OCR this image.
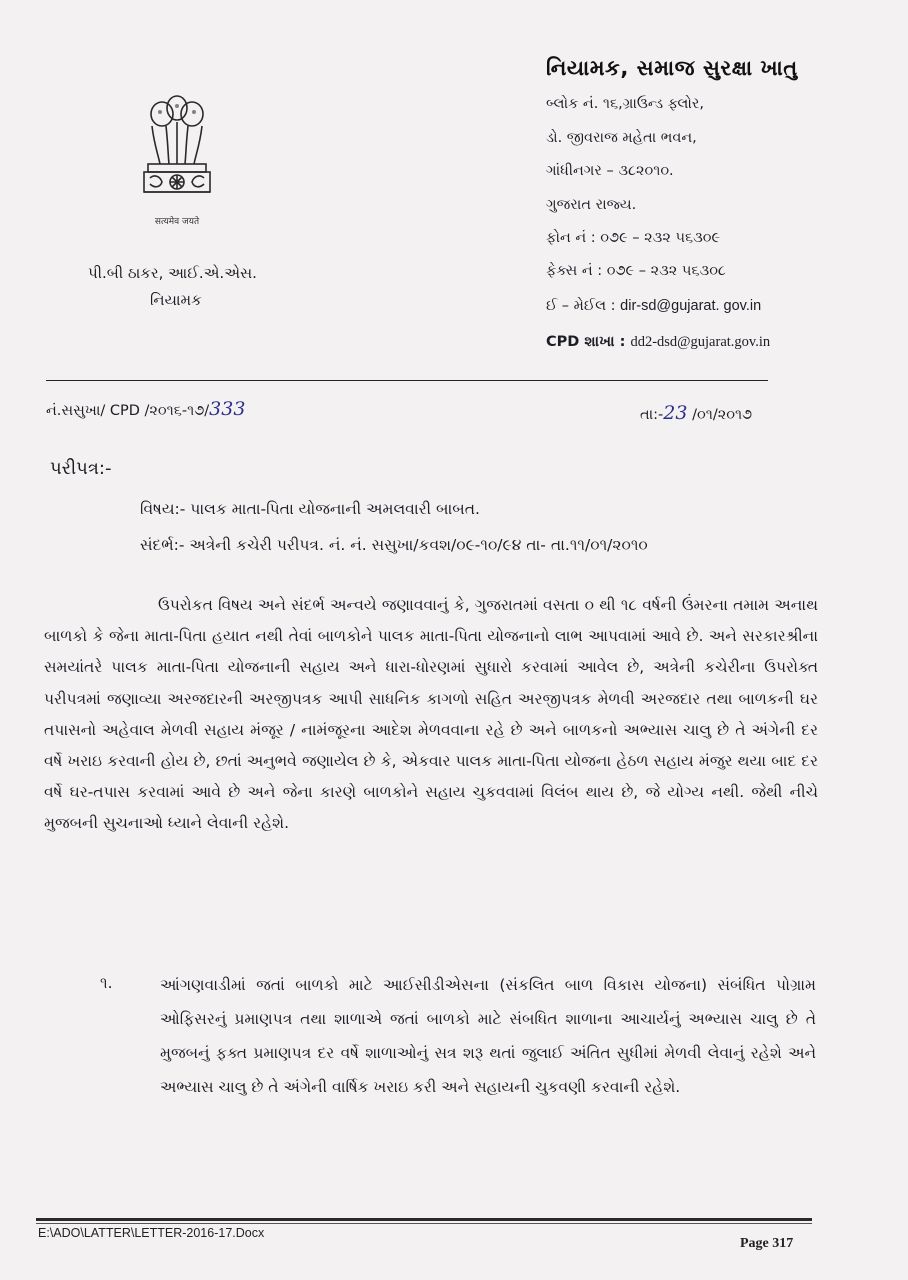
सत्यमेव जयते
નિયામક, સમાજ સુરક્ષા ખાતુ
બ્લોક નં. ૧૬,ગ્રાઉન્ડ ફ્લોર,
ડો. જીવરાજ મહેતા ભવન,
ગાંધીનગર – ૩૮૨૦૧૦.
ગુજરાત રાજ્ય.
ફોન નં : ૦૭૯ – ૨૩૨ ૫૬૩૦૯
ફેક્સ નં : ૦૭૯ – ૨૩૨ ૫૬૩૦૮
ઈ – મેઈલ : dir-sd@gujarat. gov.in
CPD શાખા : dd2-dsd@gujarat.gov.in
પી.બી ઠાકર, આઈ.એ.એસ.
નિયામક
નં.સસુખા/ CPD /૨૦૧૬-૧૭/333	તા:-23 /૦૧/૨૦૧૭
પરીપત્ર:-
વિષય:- પાલક માતા-પિતા યોજનાની અમલવારી બાબત.
સંદર્ભ:- અત્રેની કચેરી પરીપત્ર. નં. નં. સસુખા/કવશ/૦૯-૧૦/૯૪ તા- તા.૧૧/૦૧/૨૦૧૦

ઉપરોકત વિષય અને સંદર્ભ અન્વયે જણાવવાનું કે, ગુજરાતમાં વસતા ૦ થી ૧૮ વર્ષની ઉંમરના તમામ અનાથ બાળકો કે જેના માતા-પિતા હયાત નથી તેવાં બાળકોને પાલક માતા-પિતા યોજનાનો લાભ આપવામાં આવે છે. અને સરકારશ્રીના સમયાંતરે પાલક માતા-પિતા યોજનાની સહાય અને ધારા-ધોરણમાં સુધારો કરવામાં આવેલ છે, અત્રેની કચેરીના ઉપરોક્ત પરીપત્રમાં જણાવ્યા અરજદારની અરજીપત્રક આપી સાધનિક કાગળો સહિત અરજીપત્રક મેળવી અરજદાર તથા બાળકની ઘર તપાસનો અહેવાલ મેળવી સહાય મંજૂર / નામંજૂરના આદેશ મેળવવાના રહે છે અને બાળકનો અભ્યાસ ચાલુ છે તે અંગેની દર વર્ષે ખરાઇ કરવાની હોય છે, છતાં અનુભવે જણાયેલ છે કે, એકવાર પાલક માતા-પિતા યોજના હેઠળ સહાય મંજુર થયા બાદ દર વર્ષે ઘર-તપાસ કરવામાં આવે છે અને જેના કારણે બાળકોને સહાય ચુકવવામાં વિલંબ થાય છે, જે યોગ્ય નથી. જેથી નીચે મુજબની સુચનાઓ ધ્યાને લેવાની રહેશે.

૧.	આંગણવાડીમાં જતાં બાળકો માટે આઈસીડીએસના (સંકલિત બાળ વિકાસ યોજના) સંબંધિત પોગ્રામ ઓફિસરનું પ્રમાણપત્ર તથા શાળાએ જતાં બાળકો માટે સંબધિત શાળાના આચાર્યનું અભ્યાસ ચાલુ છે તે મુજબનું ફક્ત પ્રમાણપત્ર દર વર્ષે શાળાઓનું સત્ર શરૂ થતાં જુલાઈ અંતિત સુધીમાં મેળવી લેવાનું રહેશે અને અભ્યાસ ચાલુ છે તે અંગેની વાર્ષિક ખરાઇ કરી અને સહાયની ચુકવણી કરવાની રહેશે.

E:\ADO\LATTER\LETTER-2016-17.Docx
Page 317
